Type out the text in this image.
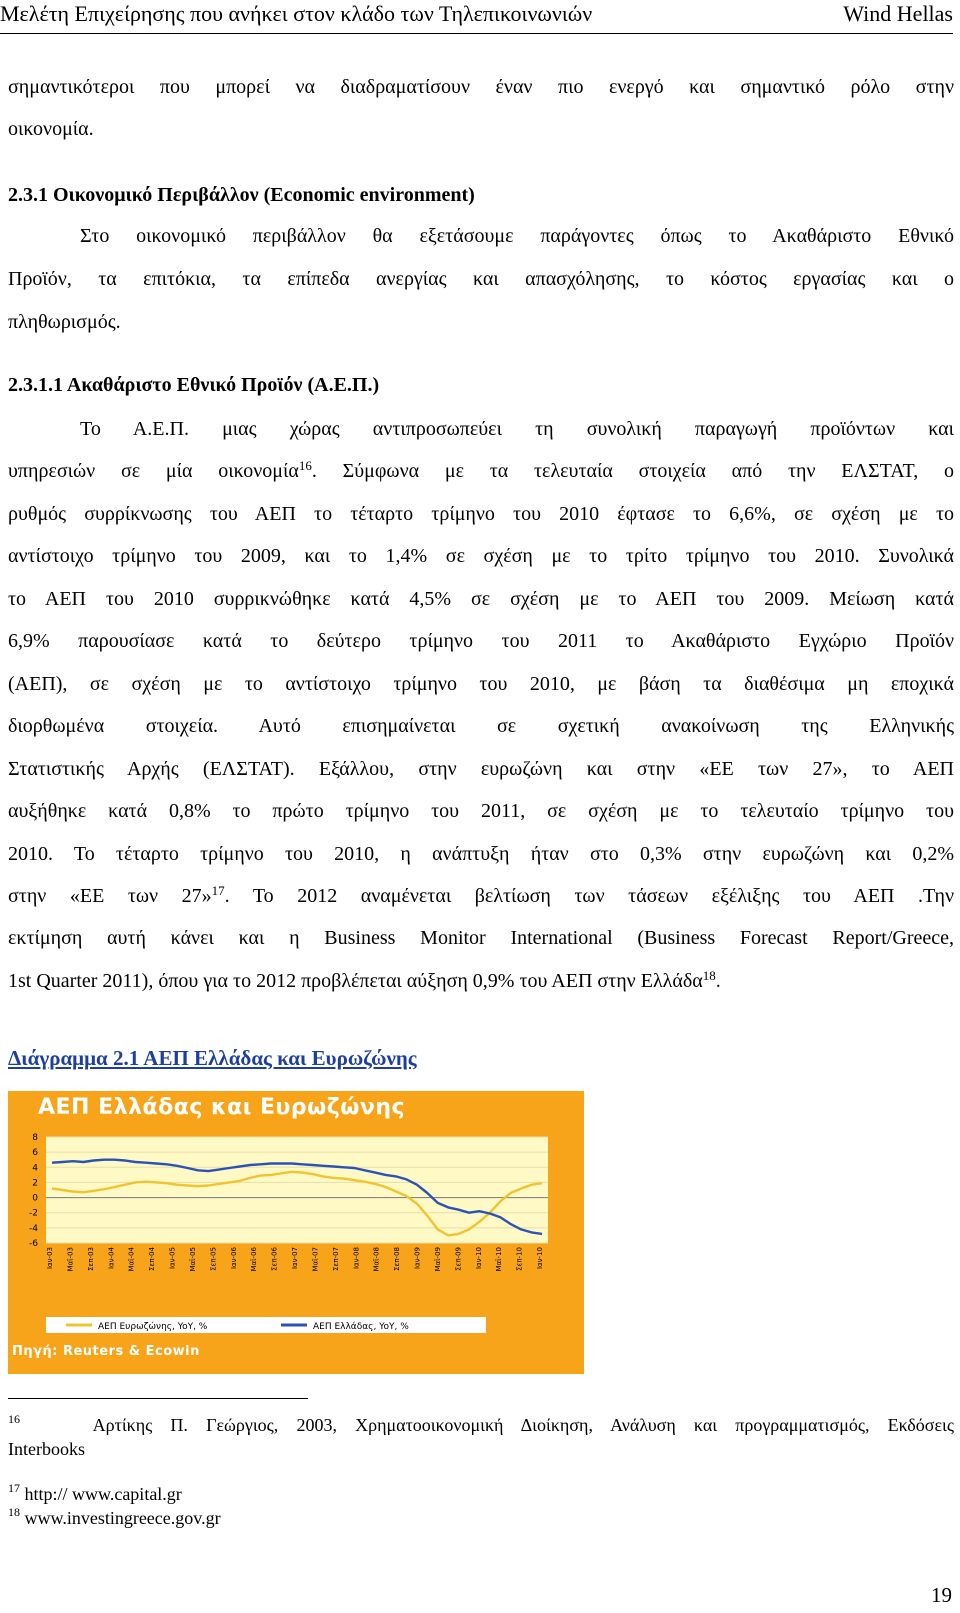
Μελέτη Επιχείρησης που ανήκει στον κλάδο των Τηλεπικοινωνιών	Wind Hellas
σημαντικότεροι που μπορεί να διαδραματίσουν έναν πιο ενεργό και σημαντικό ρόλο στην
οικονομία.
2.3.1 Οικονομικό Περιβάλλον (Economic environment)
Στο οικονομικό περιβάλλον θα εξετάσουμε παράγοντες όπως το Ακαθάριστο Εθνικό
Προϊόν, τα επιτόκια, τα επίπεδα ανεργίας και απασχόλησης, το κόστος εργασίας και ο
πληθωρισμός.
2.3.1.1 Ακαθάριστο Εθνικό Προϊόν (Α.Ε.Π.)
Το Α.Ε.Π. μιας χώρας αντιπροσωπεύει τη συνολική παραγωγή προϊόντων και
υπηρεσιών σε μία οικονομία$^{16}$. Σύμφωνα με τα τελευταία στοιχεία από την ΕΛΣΤΑΤ, ο
ρυθμός συρρίκνωσης του ΑΕΠ το τέταρτο τρίμηνο του 2010 έφτασε το 6,6%, σε σχέση με το
αντίστοιχο τρίμηνο του 2009, και το 1,4% σε σχέση με το τρίτο τρίμηνο του 2010. Συνολικά
το ΑΕΠ του 2010 συρρικνώθηκε κατά 4,5% σε σχέση με το ΑΕΠ του 2009. Μείωση κατά
6,9% παρουσίασε κατά το δεύτερο τρίμηνο του 2011 το Ακαθάριστο Εγχώριο Προϊόν
(ΑΕΠ), σε σχέση με το αντίστοιχο τρίμηνο του 2010, με βάση τα διαθέσιμα μη εποχικά
διορθωμένα στοιχεία. Αυτό επισημαίνεται σε σχετική ανακοίνωση της Ελληνικής
Στατιστικής Αρχής (ΕΛΣΤΑΤ). Εξάλλου, στην ευρωζώνη και στην «ΕΕ των 27», το ΑΕΠ
αυξήθηκε κατά 0,8% το πρώτο τρίμηνο του 2011, σε σχέση με το τελευταίο τρίμηνο του
2010. Το τέταρτο τρίμηνο του 2010, η ανάπτυξη ήταν στο 0,3% στην ευρωζώνη και 0,2%
στην «ΕΕ των 27»$^{17}$. Το 2012 αναμένεται βελτίωση των τάσεων εξέλιξης του ΑΕΠ .Την
εκτίμηση αυτή κάνει και η Business Monitor International (Business Forecast Report/Greece,
1st Quarter 2011), όπου για το 2012 προβλέπεται αύξηση 0,9% του ΑΕΠ στην Ελλάδα$^{18}$.
Διάγραμμα 2.1 ΑΕΠ Ελλάδας και Ευρωζώνης
8
6
4
2
0
-2
-4
-6
Ιαν-03 Μαϊ-03 Σεπ-03 Ιαν-04 Μαϊ-04 Σεπ-04 Ιαν-05 Μαϊ-05 Σεπ-05 Ιαν-06 Μαϊ-06 Σεπ-06 Ιαν-07 Μαϊ-07 Σεπ-07 Ιαν-08 Μαϊ-08 Σεπ-08 Ιαν-09 Μαϊ-09 Σεπ-09 Ιαν-10 Μαϊ-10 Σεπ-10 Ιαν-10
ΑΕΠ Ευρωζώνης, YoY, %	ΑΕΠ Ελλάδας, YoY, %
ΑΕΠ Ελλάδας και Ευρωζώνης
Πηγή: Reuters & Ecowin
$^{16}$	Αρτίκης Π. Γεώργιος, 2003, Χρηματοοικονομική Διοίκηση, Ανάλυση και προγραμματισμός, Εκδόσεις
Interbooks
$^{17}$ http:// www.capital.gr
$^{18}$ www.investingreece.gov.gr
19
